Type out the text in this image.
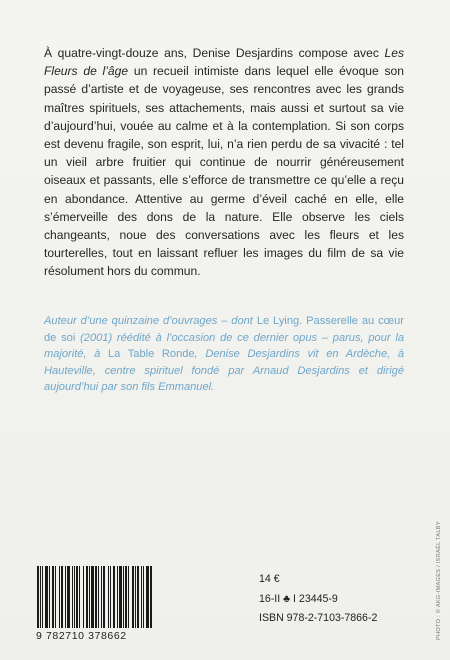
À quatre-vingt-douze ans, Denise Desjardins compose avec Les Fleurs de l’âge un recueil intimiste dans lequel elle évoque son passé d’artiste et de voyageuse, ses rencontres avec les grands maîtres spirituels, ses attachements, mais aussi et surtout sa vie d’aujourd’hui, vouée au calme et à la contemplation. Si son corps est devenu fragile, son esprit, lui, n’a rien perdu de sa vivacité : tel un vieil arbre fruitier qui continue de nourrir généreusement oiseaux et passants, elle s’efforce de transmettre ce qu’elle a reçu en abondance. Attentive au germe d’éveil caché en elle, elle s’émerveille des dons de la nature. Elle observe les ciels changeants, noue des conversations avec les fleurs et les tourterelles, tout en laissant refluer les images du film de sa vie résolument hors du commun.

Auteur d’une quinzaine d’ouvrages – dont Le Lying. Passerelle au cœur de soi (2001) réédité à l’occasion de ce dernier opus – parus, pour la majorité, à La Table Ronde, Denise Desjardins vit en Ardèche, à Hauteville, centre spirituel fondé par Arnaud Desjardins et dirigé aujourd’hui par son fils Emmanuel.

9 782710 378662
14 €
16-II ♣ I 23445-9
ISBN 978-2-7103-7866-2	PHOTO : © AKG-IMAGES / ISRAËL TALBY
